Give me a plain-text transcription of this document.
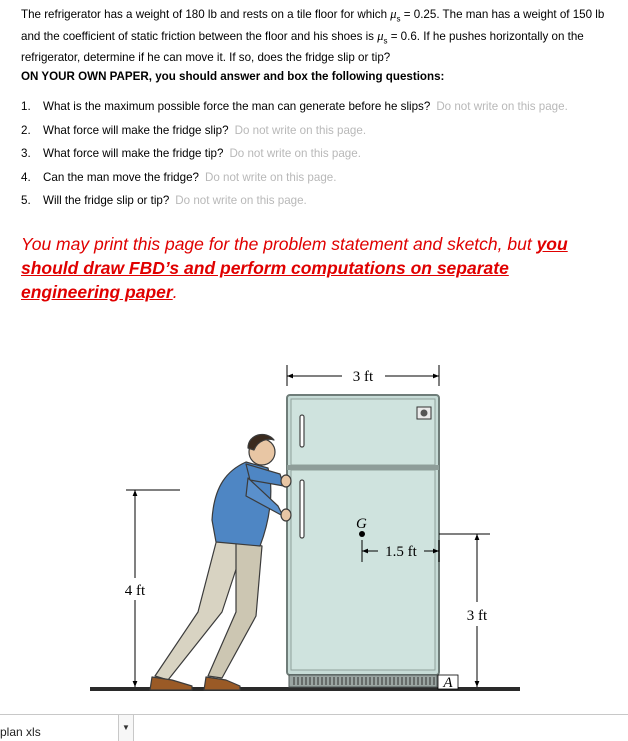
The refrigerator has a weight of 180 lb and rests on a tile floor for which $\mu_s = 0.25$. The man has a weight of 150 lb and the coefficient of static friction between the floor and his shoes is $\mu_s = 0.6$. If he pushes horizontally on the refrigerator, determine if he can move it. If so, does the fridge slip or tip?
ON YOUR OWN PAPER, you should answer and box the following questions:
1.	What is the maximum possible force the man can generate before he slips? Do not write on this page.
2.	What force will make the fridge slip? Do not write on this page.
3.	What force will make the fridge tip? Do not write on this page.
4.	Can the man move the fridge? Do not write on this page.
5.	Will the fridge slip or tip? Do not write on this page.
You may print this page for the problem statement and sketch, but you should draw FBD’s and perform computations on separate engineering paper.
3 ft
4 ft
G
1.5 ft
3 ft
A
plan xls	▼
